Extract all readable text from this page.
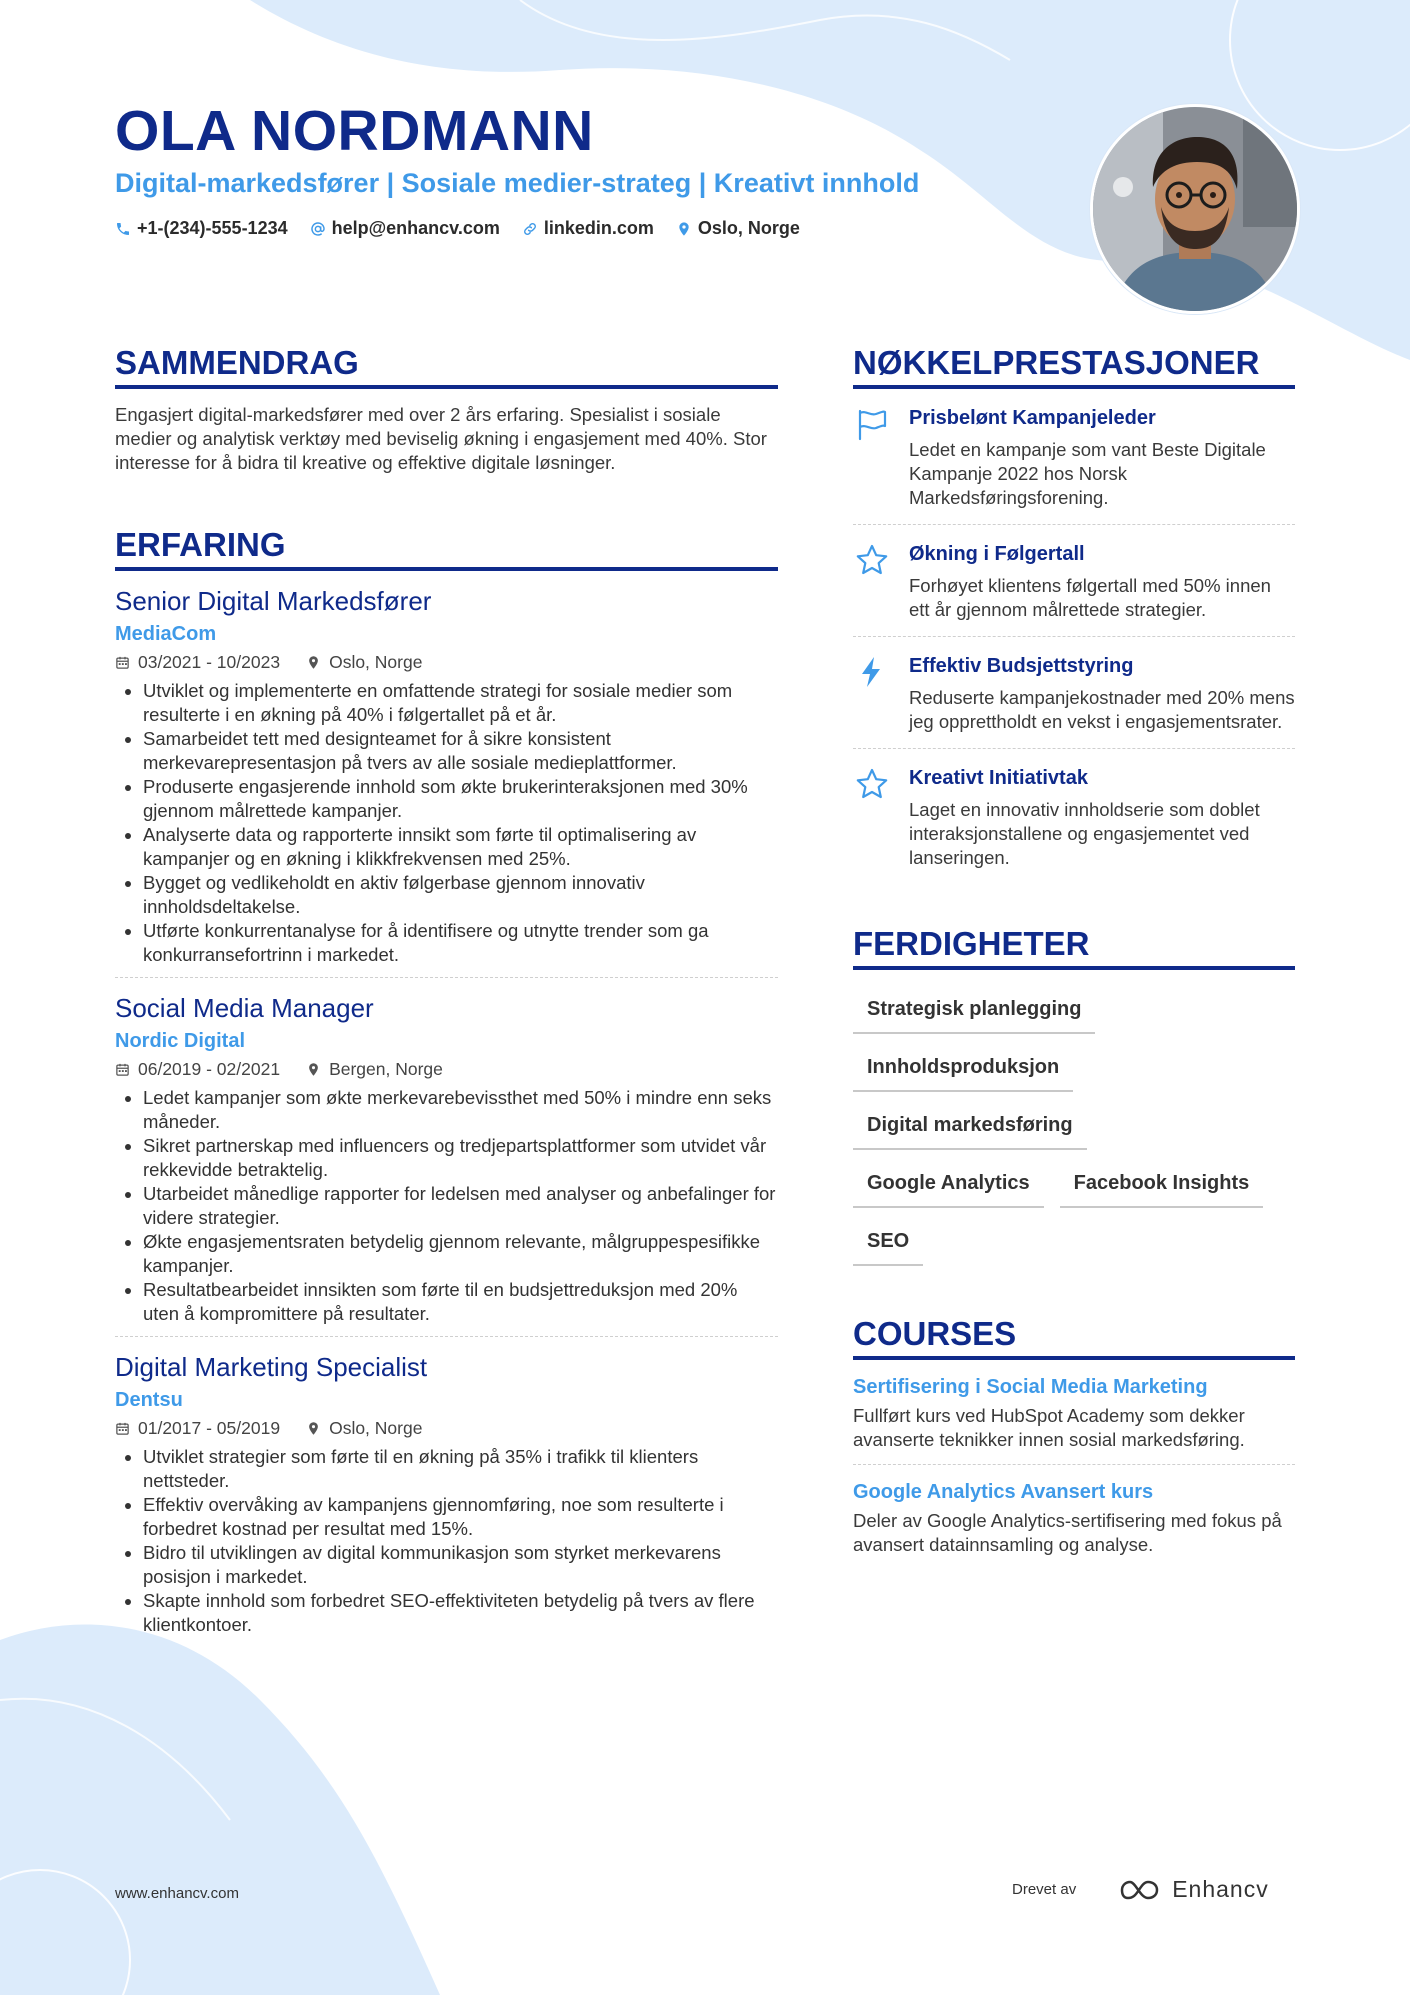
OLA NORDMANN
Digital-markedsfører | Sosiale medier-strateg | Kreativt innhold
+1-(234)-555-1234 help@enhancv.com linkedin.com Oslo, Norge
SAMMENDRAG

Engasjert digital-markedsfører med over 2 års erfaring. Spesialist i sosiale medier og analytisk verktøy med beviselig økning i engasjement med 40%. Stor interesse for å bidra til kreative og effektive digitale løsninger.

ERFARING
Senior Digital Markedsfører
MediaCom
03/2021 - 10/2023	Oslo, Norge
• Utviklet og implementerte en omfattende strategi for sosiale medier som resulterte i en økning på 40% i følgertallet på et år.
• Samarbeidet tett med designteamet for å sikre konsistent merkevarepresentasjon på tvers av alle sosiale medieplattformer.
• Produserte engasjerende innhold som økte brukerinteraksjonen med 30% gjennom målrettede kampanjer.
• Analyserte data og rapporterte innsikt som førte til optimalisering av kampanjer og en økning i klikkfrekvensen med 25%.
• Bygget og vedlikeholdt en aktiv følgerbase gjennom innovativ innholdsdeltakelse.
• Utførte konkurrentanalyse for å identifisere og utnytte trender som ga konkurransefortrinn i markedet.
Social Media Manager
Nordic Digital
06/2019 - 02/2021	Bergen, Norge
• Ledet kampanjer som økte merkevarebevissthet med 50% i mindre enn seks måneder.
• Sikret partnerskap med influencers og tredjepartsplattformer som utvidet vår rekkevidde betraktelig.
• Utarbeidet månedlige rapporter for ledelsen med analyser og anbefalinger for videre strategier.
• Økte engasjementsraten betydelig gjennom relevante, målgruppespesifikke kampanjer.
• Resultatbearbeidet innsikten som førte til en budsjettreduksjon med 20% uten å kompromittere på resultater.
Digital Marketing Specialist
Dentsu
01/2017 - 05/2019	Oslo, Norge
• Utviklet strategier som førte til en økning på 35% i trafikk til klienters nettsteder.
• Effektiv overvåking av kampanjens gjennomføring, noe som resulterte i forbedret kostnad per resultat med 15%.
• Bidro til utviklingen av digital kommunikasjon som styrket merkevarens posisjon i markedet.
• Skapte innhold som forbedret SEO-effektiviteten betydelig på tvers av flere klientkontoer.
NØKKELPRESTASJONER
Prisbelønt Kampanjeleder
Ledet en kampanje som vant Beste Digitale Kampanje 2022 hos Norsk Markedsføringsforening.
Økning i Følgertall
Forhøyet klientens følgertall med 50% innen ett år gjennom målrettede strategier.
Effektiv Budsjettstyring
Reduserte kampanjekostnader med 20% mens jeg opprettholdt en vekst i engasjementsrater.
Kreativt Initiativtak
Laget en innovativ innholdserie som doblet interaksjonstallene og engasjementet ved lanseringen.
FERDIGHETER
Strategisk planlegging
Innholdsproduksjon
Digital markedsføring
Google Analytics	Facebook Insights
SEO
COURSES
Sertifisering i Social Media Marketing
Fullført kurs ved HubSpot Academy som dekker avanserte teknikker innen sosial markedsføring.
Google Analytics Avansert kurs
Deler av Google Analytics-sertifisering med fokus på avansert datainnsamling og analyse.
www.enhancv.com	Drevet av	Enhancv
